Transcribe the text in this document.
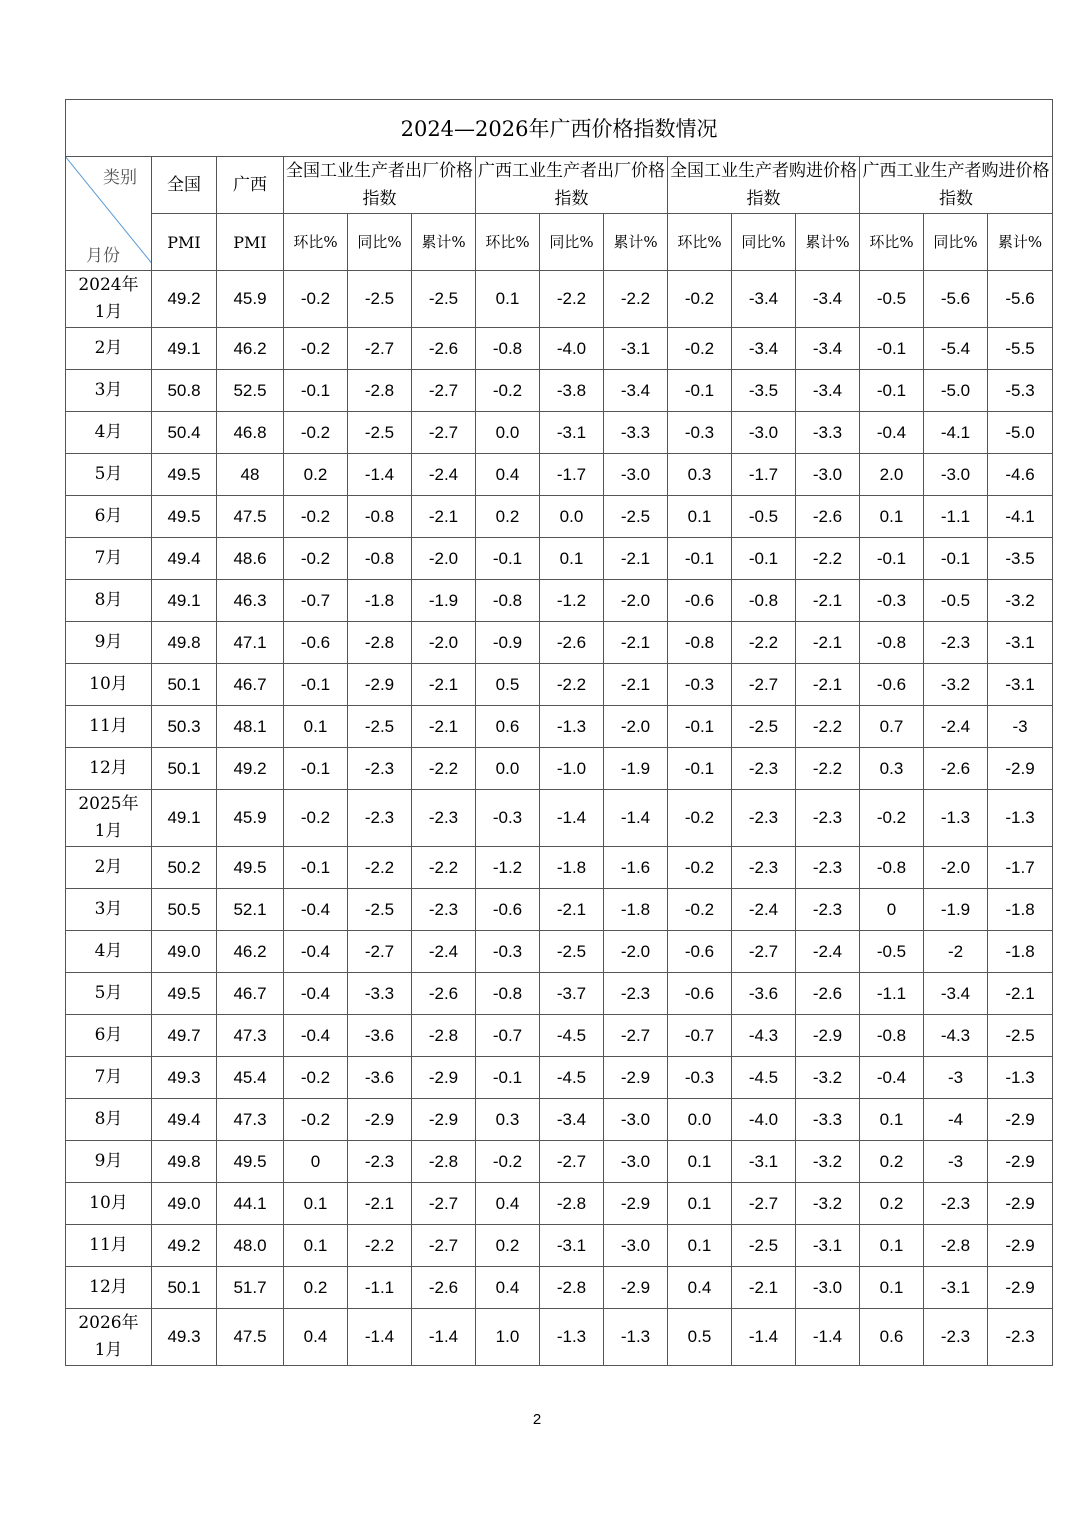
2024—2026年广西价格指数情况														

类别
月份	全国	广西	全国工业生产者出厂价格指数			广西工业生产者出厂价格指数			全国工业生产者购进价格指数			广西工业生产者购进价格指数		
	PMI	PMI	环比%	同比%	累计%	环比%	同比%	累计%	环比%	同比%	累计%	环比%	同比%	累计%
2024年
1月	49.2	45.9	-0.2	-2.5	-2.5	0.1	-2.2	-2.2	-0.2	-3.4	-3.4	-0.5	-5.6	-5.6
2月	49.1	46.2	-0.2	-2.7	-2.6	-0.8	-4.0	-3.1	-0.2	-3.4	-3.4	-0.1	-5.4	-5.5
3月	50.8	52.5	-0.1	-2.8	-2.7	-0.2	-3.8	-3.4	-0.1	-3.5	-3.4	-0.1	-5.0	-5.3
4月	50.4	46.8	-0.2	-2.5	-2.7	0.0	-3.1	-3.3	-0.3	-3.0	-3.3	-0.4	-4.1	-5.0
5月	49.5	48	0.2	-1.4	-2.4	0.4	-1.7	-3.0	0.3	-1.7	-3.0	2.0	-3.0	-4.6
6月	49.5	47.5	-0.2	-0.8	-2.1	0.2	0.0	-2.5	0.1	-0.5	-2.6	0.1	-1.1	-4.1
7月	49.4	48.6	-0.2	-0.8	-2.0	-0.1	0.1	-2.1	-0.1	-0.1	-2.2	-0.1	-0.1	-3.5
8月	49.1	46.3	-0.7	-1.8	-1.9	-0.8	-1.2	-2.0	-0.6	-0.8	-2.1	-0.3	-0.5	-3.2
9月	49.8	47.1	-0.6	-2.8	-2.0	-0.9	-2.6	-2.1	-0.8	-2.2	-2.1	-0.8	-2.3	-3.1
10月	50.1	46.7	-0.1	-2.9	-2.1	0.5	-2.2	-2.1	-0.3	-2.7	-2.1	-0.6	-3.2	-3.1
11月	50.3	48.1	0.1	-2.5	-2.1	0.6	-1.3	-2.0	-0.1	-2.5	-2.2	0.7	-2.4	-3
12月	50.1	49.2	-0.1	-2.3	-2.2	0.0	-1.0	-1.9	-0.1	-2.3	-2.2	0.3	-2.6	-2.9
2025年
1月	49.1	45.9	-0.2	-2.3	-2.3	-0.3	-1.4	-1.4	-0.2	-2.3	-2.3	-0.2	-1.3	-1.3
2月	50.2	49.5	-0.1	-2.2	-2.2	-1.2	-1.8	-1.6	-0.2	-2.3	-2.3	-0.8	-2.0	-1.7
3月	50.5	52.1	-0.4	-2.5	-2.3	-0.6	-2.1	-1.8	-0.2	-2.4	-2.3	0	-1.9	-1.8
4月	49.0	46.2	-0.4	-2.7	-2.4	-0.3	-2.5	-2.0	-0.6	-2.7	-2.4	-0.5	-2	-1.8
5月	49.5	46.7	-0.4	-3.3	-2.6	-0.8	-3.7	-2.3	-0.6	-3.6	-2.6	-1.1	-3.4	-2.1
6月	49.7	47.3	-0.4	-3.6	-2.8	-0.7	-4.5	-2.7	-0.7	-4.3	-2.9	-0.8	-4.3	-2.5
7月	49.3	45.4	-0.2	-3.6	-2.9	-0.1	-4.5	-2.9	-0.3	-4.5	-3.2	-0.4	-3	-1.3
8月	49.4	47.3	-0.2	-2.9	-2.9	0.3	-3.4	-3.0	0.0	-4.0	-3.3	0.1	-4	-2.9
9月	49.8	49.5	0	-2.3	-2.8	-0.2	-2.7	-3.0	0.1	-3.1	-3.2	0.2	-3	-2.9
10月	49.0	44.1	0.1	-2.1	-2.7	0.4	-2.8	-2.9	0.1	-2.7	-3.2	0.2	-2.3	-2.9
11月	49.2	48.0	0.1	-2.2	-2.7	0.2	-3.1	-3.0	0.1	-2.5	-3.1	0.1	-2.8	-2.9
12月	50.1	51.7	0.2	-1.1	-2.6	0.4	-2.8	-2.9	0.4	-2.1	-3.0	0.1	-3.1	-2.9
2026年
1月	49.3	47.5	0.4	-1.4	-1.4	1.0	-1.3	-1.3	0.5	-1.4	-1.4	0.6	-2.3	-2.3
2
